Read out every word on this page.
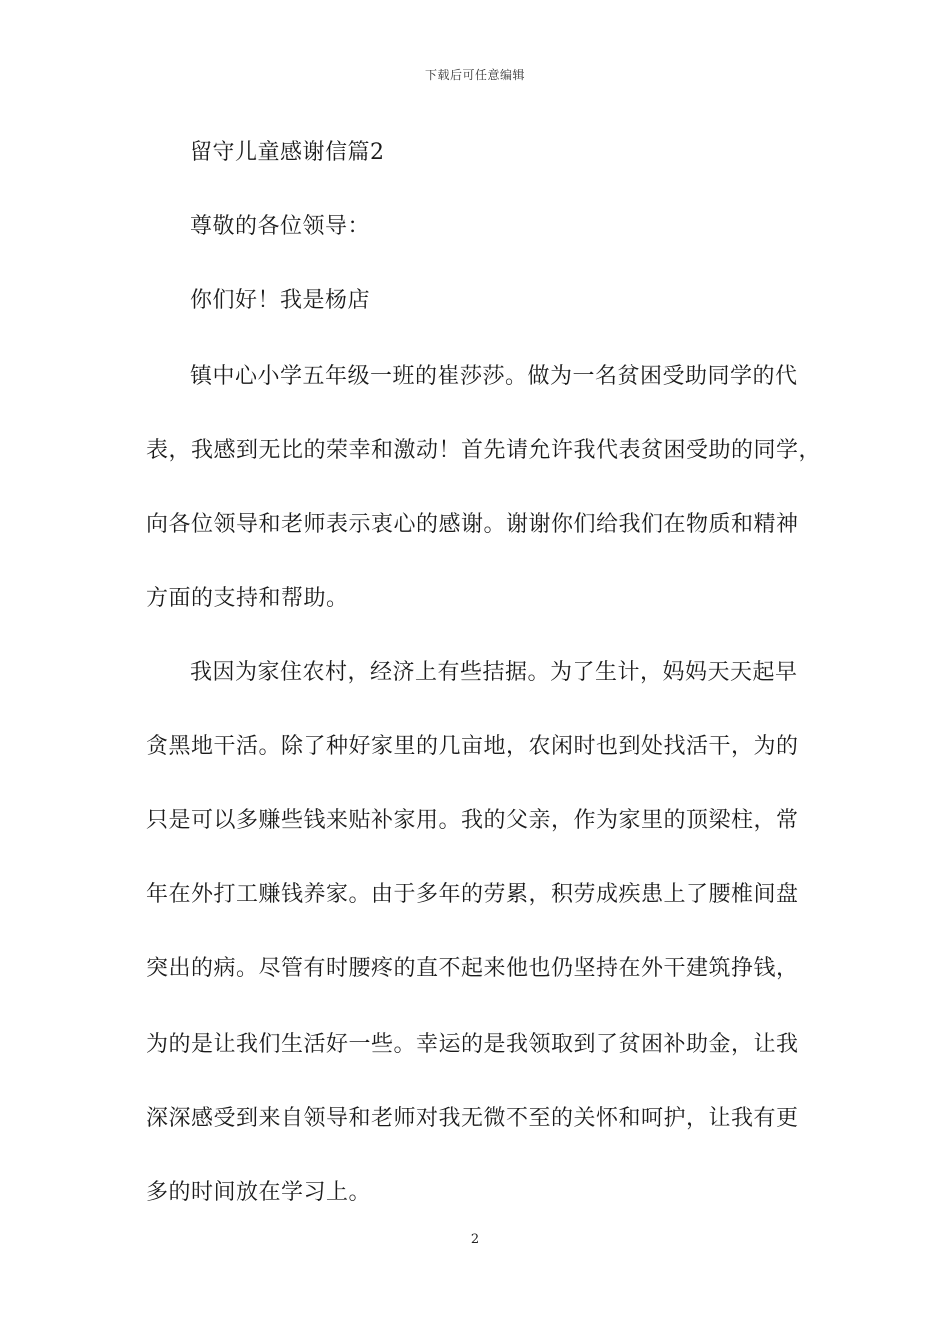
下载后可任意编辑
留守儿童感谢信篇2
尊敬的各位领导：
你们好！我是杨店
镇中心小学五年级一班的崔莎莎。做为一名贫困受助同学的代
表，我感到无比的荣幸和激动！首先请允许我代表贫困受助的同学，
向各位领导和老师表示衷心的感谢。谢谢你们给我们在物质和精神
方面的支持和帮助。
我因为家住农村，经济上有些拮据。为了生计，妈妈天天起早
贪黑地干活。除了种好家里的几亩地，农闲时也到处找活干，为的
只是可以多赚些钱来贴补家用。我的父亲，作为家里的顶梁柱，常
年在外打工赚钱养家。由于多年的劳累，积劳成疾患上了腰椎间盘
突出的病。尽管有时腰疼的直不起来他也仍坚持在外干建筑挣钱，
为的是让我们生活好一些。幸运的是我领取到了贫困补助金，让我
深深感受到来自领导和老师对我无微不至的关怀和呵护，让我有更
多的时间放在学习上。
2
